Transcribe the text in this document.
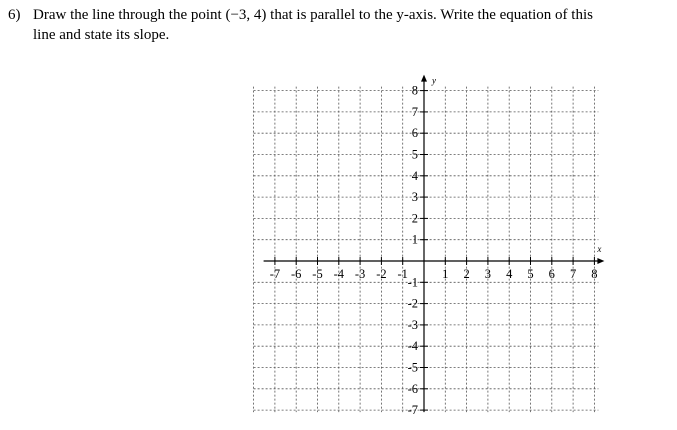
6) Draw the line through the point (−3, 4) that is parallel to the y-axis. Write the equation of this
line and state its slope.
x
y
-7 -6 -5 -4 -3 -2 -1	1 2 3 4 5 6 7 8
-7
-6
-5
-4
-3
-2
-1
1
2
3
4
5
6
7
8
